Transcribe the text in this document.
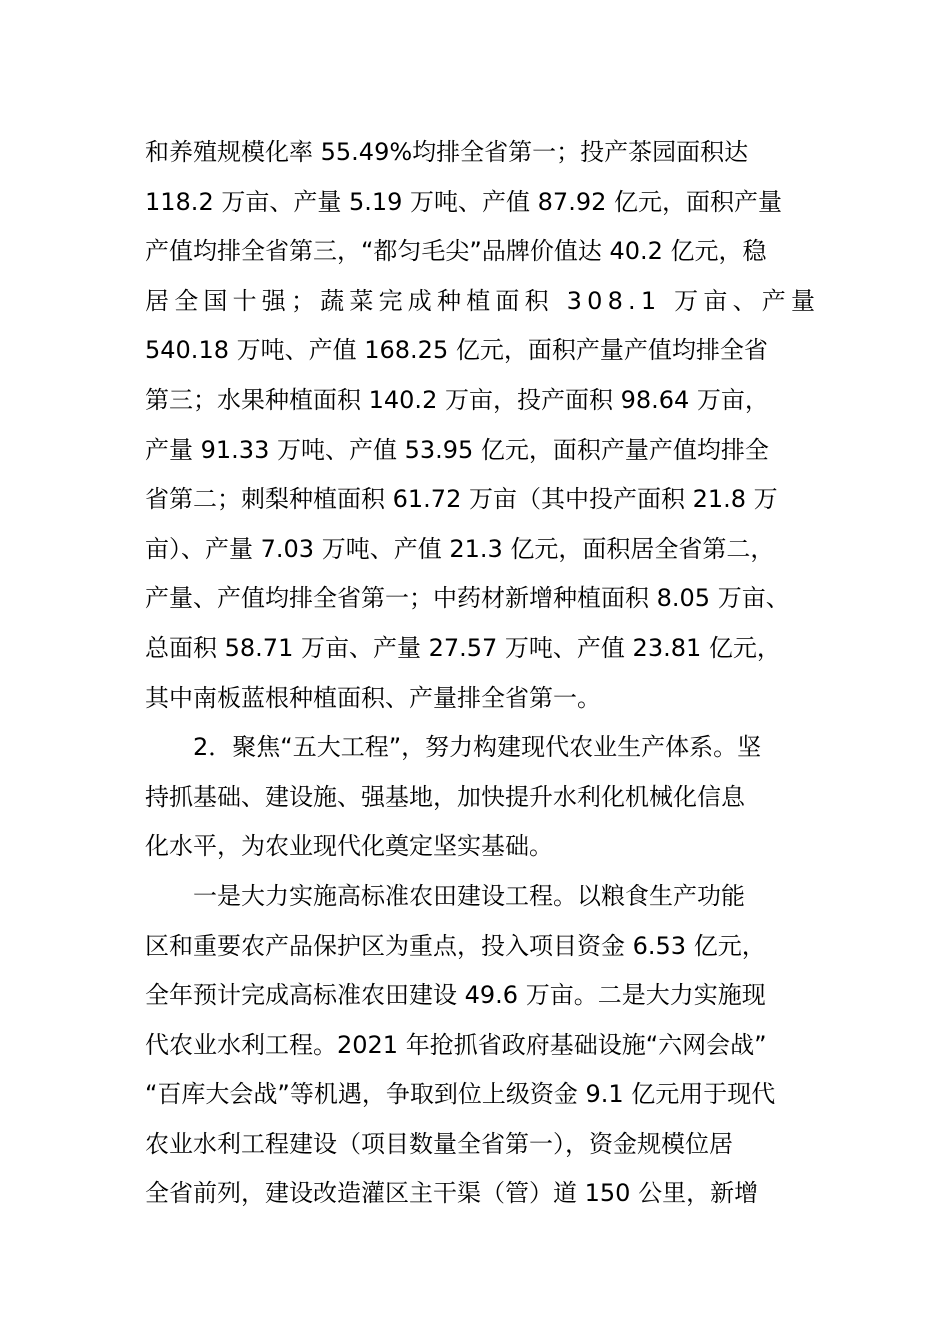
和养殖规模化率 55.49%均排全省第一；投产茶园面积达
118.2 万亩、产量 5.19 万吨、产值 87.92 亿元，面积产量
产值均排全省第三，“都匀毛尖”品牌价值达 40.2 亿元，稳
居全国十强；蔬菜完成种植面积 308.1 万亩、产量
540.18 万吨、产值 168.25 亿元，面积产量产值均排全省
第三；水果种植面积 140.2 万亩，投产面积 98.64 万亩，
产量 91.33 万吨、产值 53.95 亿元，面积产量产值均排全
省第二；刺梨种植面积 61.72 万亩（其中投产面积 21.8 万
亩）、产量 7.03 万吨、产值 21.3 亿元，面积居全省第二，
产量、产值均排全省第一；中药材新增种植面积 8.05 万亩、
总面积 58.71 万亩、产量 27.57 万吨、产值 23.81 亿元，
其中南板蓝根种植面积、产量排全省第一。
2．聚焦“五大工程”，努力构建现代农业生产体系。坚
持抓基础、建设施、强基地，加快提升水利化机械化信息
化水平，为农业现代化奠定坚实基础。
一是大力实施高标准农田建设工程。以粮食生产功能
区和重要农产品保护区为重点，投入项目资金 6.53 亿元，
全年预计完成高标准农田建设 49.6 万亩。二是大力实施现
代农业水利工程。2021 年抢抓省政府基础设施“六网会战”
“百库大会战”等机遇，争取到位上级资金 9.1 亿元用于现代
农业水利工程建设（项目数量全省第一），资金规模位居
全省前列，建设改造灌区主干渠（管）道 150 公里，新增
